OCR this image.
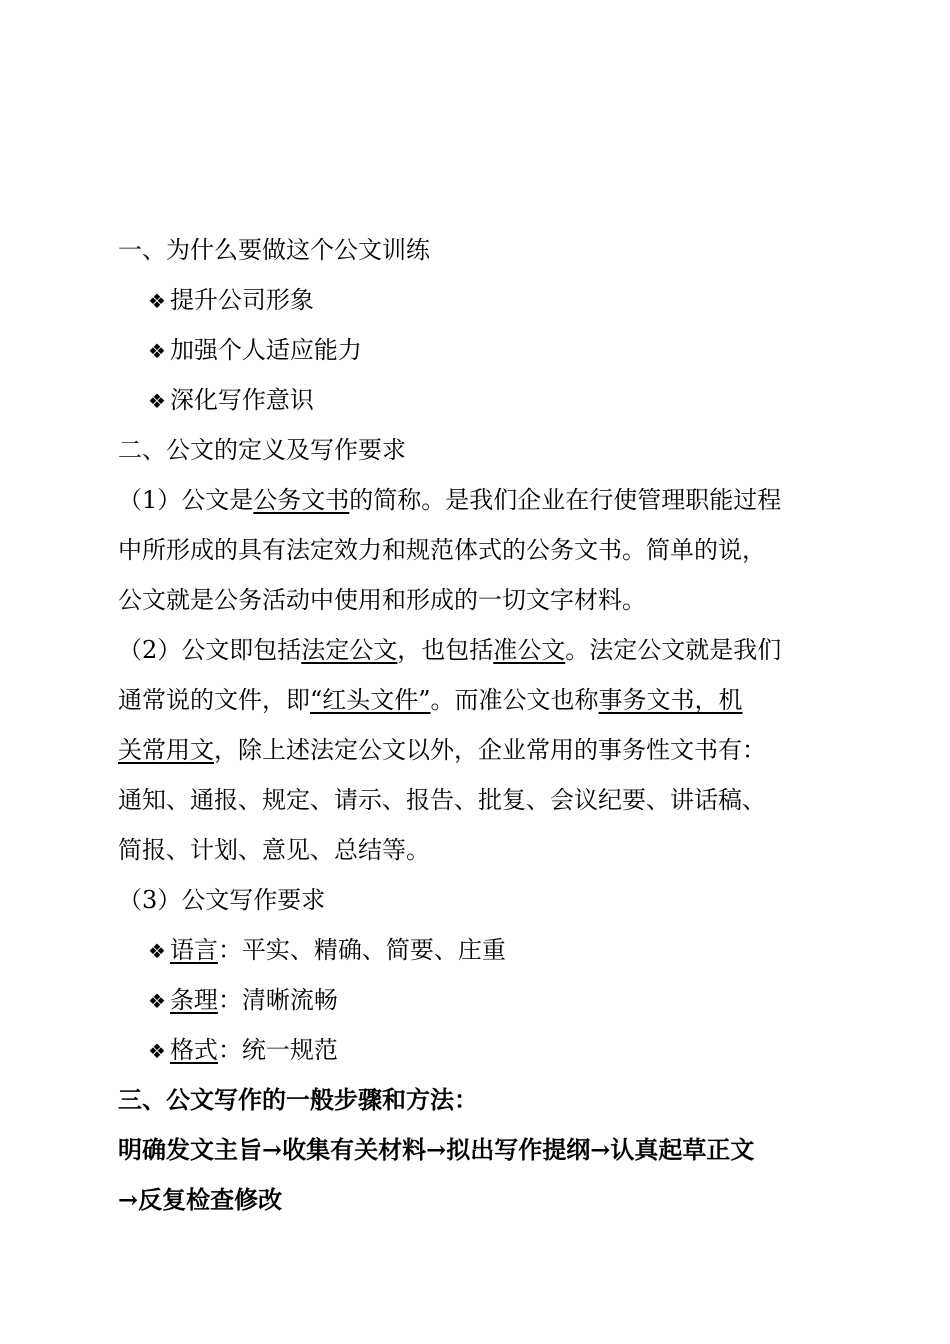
一、为什么要做这个公文训练
❖ 提升公司形象
❖ 加强个人适应能力
❖ 深化写作意识
二、公文的定义及写作要求
（1）公文是公务文书的简称。是我们企业在行使管理职能过程
中所形成的具有法定效力和规范体式的公务文书。简单的说，
公文就是公务活动中使用和形成的一切文字材料。
（2）公文即包括法定公文，也包括准公文。法定公文就是我们
通常说的文件，即“红头文件”。而准公文也称事务文书，机
关常用文，除上述法定公文以外，企业常用的事务性文书有：
通知、通报、规定、请示、报告、批复、会议纪要、讲话稿、
简报、计划、意见、总结等。
（3）公文写作要求
❖ 语言：平实、精确、简要、庄重
❖ 条理：清晰流畅
❖ 格式：统一规范
三、公文写作的一般步骤和方法：
明确发文主旨→收集有关材料→拟出写作提纲→认真起草正文
→反复检查修改
